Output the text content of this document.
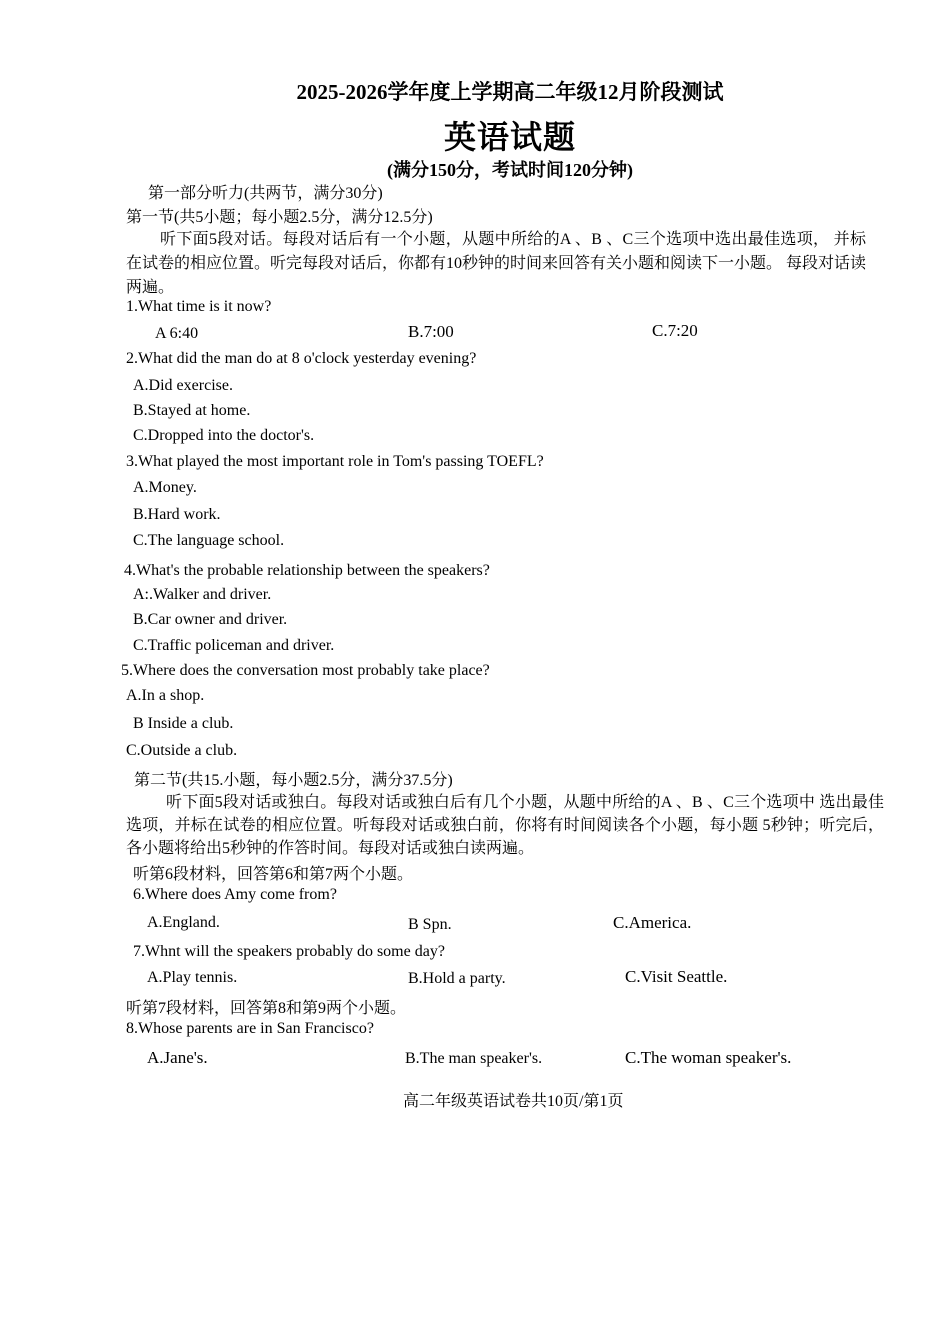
2025-2026学年度上学期高二年级12月阶段测试
英语试题
(满分150分，考试时间120分钟)
第一部分听力(共两节，满分30分)
第一节(共5小题；每小题2.5分，满分12.5分)
听下面5段对话。每段对话后有一个小题，从题中所给的A 、B 、C三个选项中选出最佳选项， 并标在试卷的相应位置。听完每段对话后，你都有10秒钟的时间来回答有关小题和阅读下一小题。 每段对话读两遍。
1.What time is it now?
A 6:40	B.7:00	C.7:20
2.What did the man do at 8 o'clock yesterday evening?
A.Did exercise.
B.Stayed at home.
C.Dropped into the doctor's.
3.What played the most important role in Tom's passing TOEFL?
A.Money.
B.Hard work.
C.The language school.
4.What's the probable relationship between the speakers?
A:.Walker and driver.
B.Car owner and driver.
C.Traffic policeman and driver.
5.Where does the conversation most probably take place?
A.In a shop.
B Inside a club.
C.Outside a club.
第二节(共15.小题，每小题2.5分，满分37.5分)
听下面5段对话或独白。每段对话或独白后有几个小题，从题中所给的A 、B 、C三个选项中 选出最佳选项，并标在试卷的相应位置。听每段对话或独白前，你将有时间阅读各个小题，每小题 5秒钟；听完后，各小题将给出5秒钟的作答时间。每段对话或独白读两遍。
听第6段材料，回答第6和第7两个小题。
6.Where does Amy come from?
A.England.	B Spn.	C.America.
7.Whnt will the speakers probably do some day?
A.Play tennis.	B.Hold a party.	C.Visit Seattle.
听第7段材料，回答第8和第9两个小题。
8.Whose parents are in San Francisco?
A.Jane's.	B.The man speaker's.	C.The woman speaker's.
高二年级英语试卷共10页/第1页
